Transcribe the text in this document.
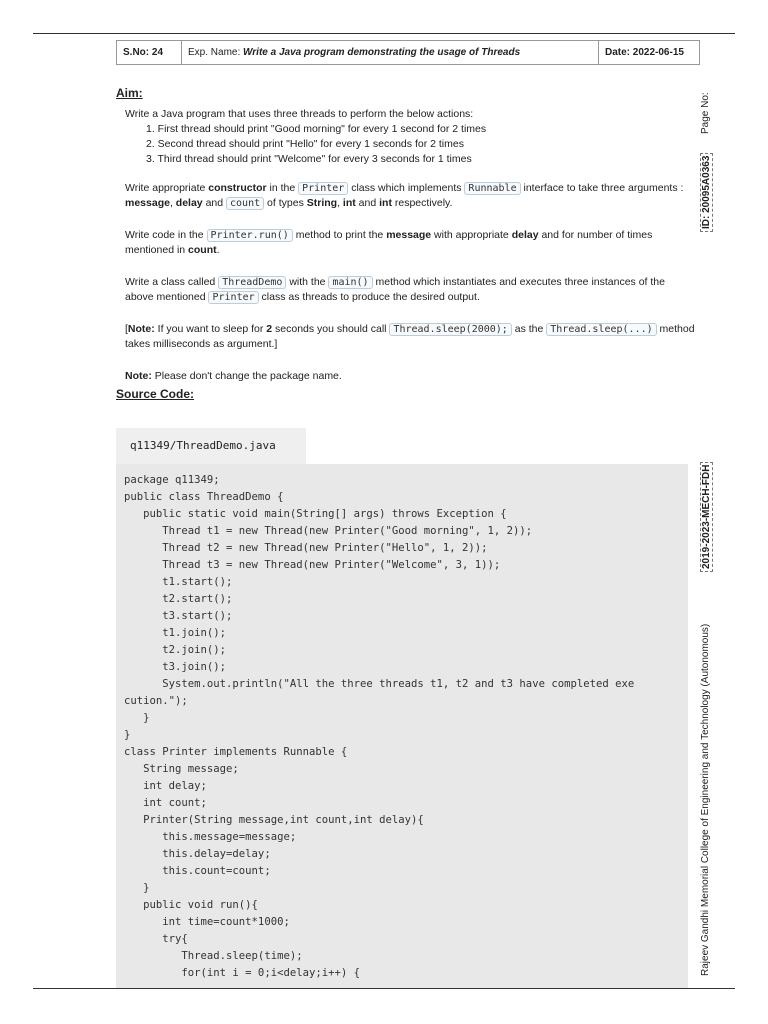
S.No: 24	Exp. Name: Write a Java program demonstrating the usage of Threads	Date: 2022-06-15

Aim:

Write a Java program that uses three threads to perform the below actions:

1. First thread should print "Good morning" for every 1 second for 2 times
2. Second thread should print "Hello" for every 1 seconds for 2 times
3. Third thread should print "Welcome" for every 3 seconds for 1 times

Write appropriate constructor in the Printer class which implements Runnable interface to take three arguments : message, delay and count of types String, int and int respectively.

Write code in the Printer.run() method to print the message with appropriate delay and for number of times mentioned in count.

Write a class called ThreadDemo with the main() method which instantiates and executes three instances of the above mentioned Printer class as threads to produce the desired output.

[Note: If you want to sleep for 2 seconds you should call Thread.sleep(2000); as the Thread.sleep(...) method takes milliseconds as argument.]

Note: Please don't change the package name.

Source Code:

q11349/ThreadDemo.java
package q11349;
public class ThreadDemo {
public static void main(String[] args) throws Exception {
Thread t1 = new Thread(new Printer("Good morning", 1, 2));
Thread t2 = new Thread(new Printer("Hello", 1, 2));
Thread t3 = new Thread(new Printer("Welcome", 3, 1));
t1.start();
t2.start();
t3.start();
t1.join();
t2.join();
t3.join();
System.out.println("All the three threads t1, t2 and t3 have completed exe
cution.");
}
}
class Printer implements Runnable {
String message;
int delay;
int count;
Printer(String message,int count,int delay){
this.message=message;
this.delay=delay;
this.count=count;
}
public void run(){
int time=count*1000;
try{
Thread.sleep(time);
for(int i = 0;i<delay;i++) {
Page No:
ID: 20095A0363
2019-2023-MECH-FDH
Rajeev Gandhi Memorial College of Engineering and Technology (Autonomous)
